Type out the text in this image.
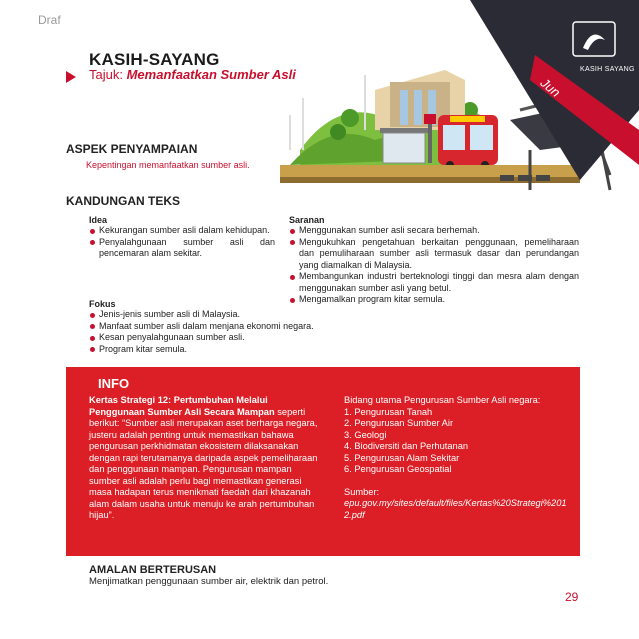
Draf
KASIH SAYANG
Jun
KASIH-SAYANG
Tajuk: Memanfaatkan Sumber Asli
ASPEK PENYAMPAIAN
Kepentingan memanfaatkan sumber asli.
KANDUNGAN TEKS
Idea
Kekurangan sumber asli dalam kehidupan.
Penyalahgunaan sumber asli dan pencemaran alam sekitar.
Saranan
Menggunakan sumber asli secara berhemah.
Mengukuhkan pengetahuan berkaitan penggunaan, pemeliharaan dan pemuliharaan sumber asli termasuk dasar dan perundangan yang diamalkan di Malaysia.
Membangunkan industri berteknologi tinggi dan mesra alam dengan menggunakan sumber asli yang betul.
Mengamalkan program kitar semula.
Fokus
Jenis-jenis sumber asli di Malaysia.
Manfaat sumber asli dalam menjana ekonomi negara.
Kesan penyalahgunaan sumber asli.
Program kitar semula.
INFO
Kertas Strategi 12: Pertumbuhan Melalui Penggunaan Sumber Asli Secara Mampan seperti berikut: “Sumber asli merupakan aset berharga negara, justeru adalah penting untuk memastikan bahawa pengurusan perkhidmatan ekosistem dilaksanakan dengan rapi terutamanya daripada aspek pemeliharaan dan penggunaan mampan. Pengurusan mampan sumber asli adalah perlu bagi memastikan generasi masa hadapan terus menikmati faedah dari khazanah alam dalam usaha untuk menuju ke arah pertumbuhan hijau”.
Bidang utama Pengurusan Sumber Asli negara:
1. Pengurusan Tanah
2. Pengurusan Sumber Air
3. Geologi
4. Biodiversiti dan Perhutanan
5. Pengurusan Alam Sekitar
6. Pengurusan Geospatial
Sumber:
epu.gov.my/sites/default/files/Kertas%20Strategi%2012.pdf
AMALAN BERTERUSAN
Menjimatkan penggunaan sumber air, elektrik dan petrol.
29
